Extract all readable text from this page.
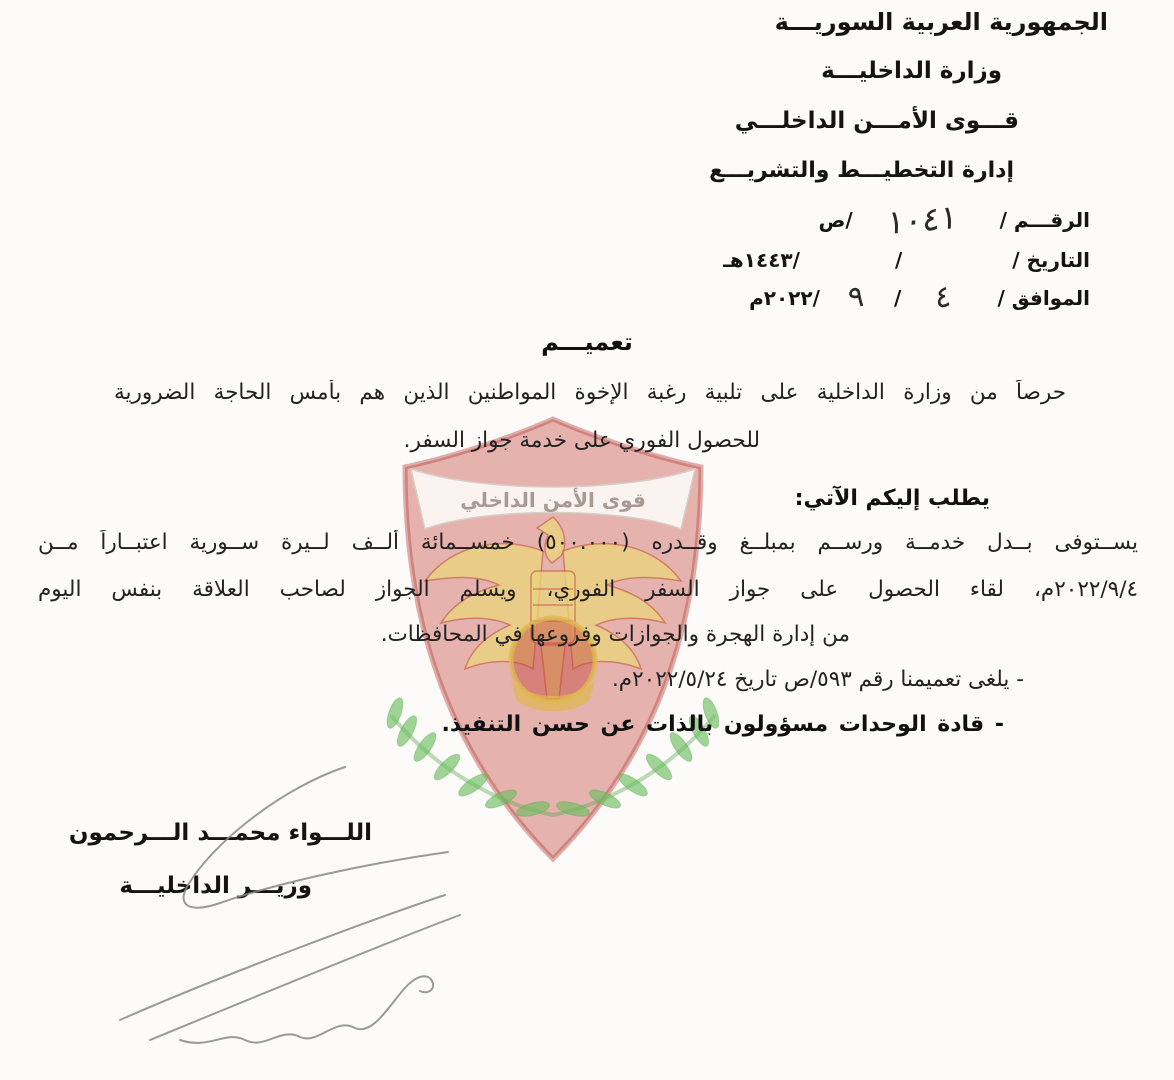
قوى الأمن الداخلي
الجمهورية العربية السوريـــة
وزارة الداخليـــة
قـــوى الأمـــن الداخلـــي
إدارة التخطيـــط والتشريـــع
الرقـــم /
١٠٤١
/ص
التاريخ /
/
/١٤٤٣هـ
الموافق /
٤
/
٩
/٢٠٢٢م
تعميـــم
حرصاً من وزارة الداخلية على تلبية رغبة الإخوة المواطنين الذين هم بأمس الحاجة الضرورية
للحصول الفوري على خدمة جواز السفر.
يطلب إليكم الآتي:
يســتوفى بــدل خدمــة ورســم بمبلــغ وقــدره (٥٠٠.٠٠٠) خمســمائة ألــف لــيرة ســورية اعتبــاراً مــن
٢٠٢٢/٩/٤م، لقاء الحصول على جواز السفر الفوري، ويسلم الجواز لصاحب العلاقة بنفس اليوم
من إدارة الهجرة والجوازات وفروعها في المحافظات.
- يلغى تعميمنا رقم ٥٩٣/ص تاريخ ٢٠٢٢/٥/٢٤م.
- قادة الوحدات مسؤولون بالذات عن حسن التنفيذ.
اللـــواء محمـــد الـــرحمون
وزيـــر الداخليـــة
